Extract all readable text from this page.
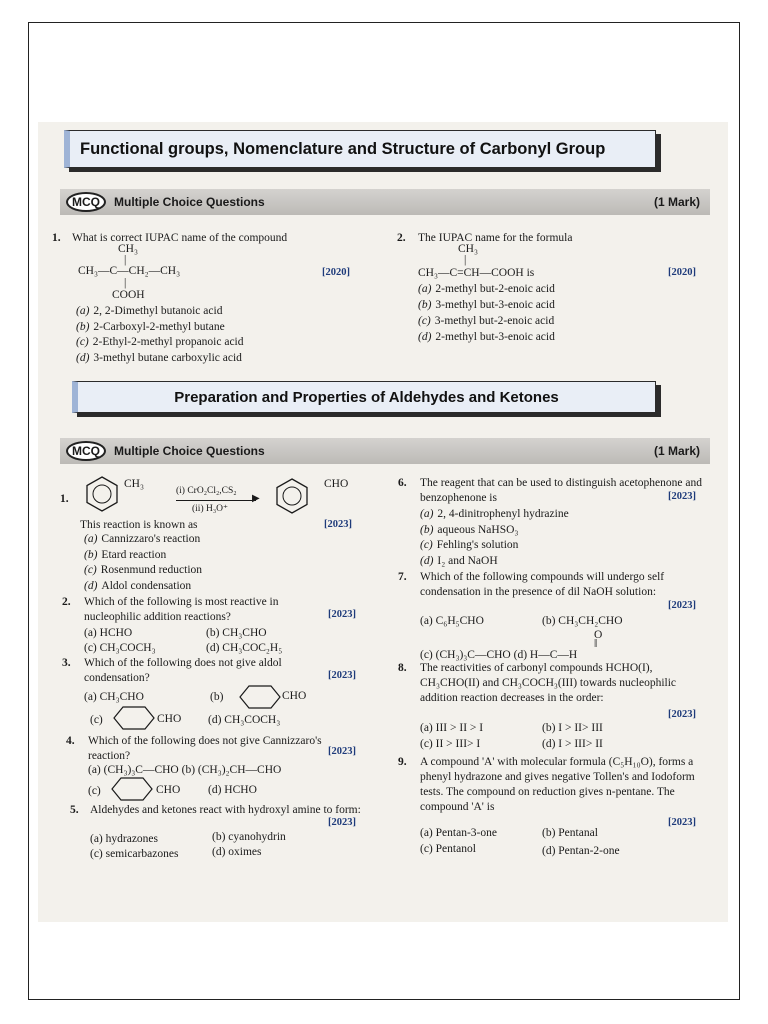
Functional groups, Nomenclature and Structure of Carbonyl Group
MCQ	Multiple Choice Questions	(1 Mark)
1. What is correct IUPAC name of the compound
CH₃
|
CH₃—C—CH₂—CH₃
|
COOH
[2020]
(a) 2, 2-Dimethyl butanoic acid
(b) 2-Carboxyl-2-methyl butane
(c) 2-Ethyl-2-methyl propanoic acid
(d) 3-methyl butane carboxylic acid
2. The IUPAC name for the formula
CH₃
|
CH₃—C=CH—COOH is	[2020]
(a) 2-methyl but-2-enoic acid
(b) 3-methyl but-3-enoic acid
(c) 3-methyl but-2-enoic acid
(d) 2-methyl but-3-enoic acid
Preparation and Properties of Aldehydes and Ketones
MCQ	Multiple Choice Questions	(1 Mark)
1.
CH₃
(i) CrO₂Cl₂,CS₂
▶
(ii) H₃O⁺
CHO
This reaction is known as	[2023]
(a) Cannizzaro's reaction
(b) Etard reaction
(c) Rosenmund reduction
(d) Aldol condensation
2. Which of the following is most reactive in nucleophilic addition reactions?	[2023]
(a) HCHO	(b) CH₃CHO
(c) CH₃COCH₃	(d) CH₃COC₂H₅
3. Which of the following does not give aldol condensation?	[2023]
(a) CH₃CHO	(b)	CHO
(c)	CHO (d) CH₃COCH₃
4. Which of the following does not give Cannizzaro's reaction?	[2023]
(a) (CH₃)₃C—CHO (b) (CH₃)₂CH—CHO
(c)	CHO (d) HCHO
5. Aldehydes and ketones react with hydroxyl amine to form:
[2023]
(a) hydrazones	(b) cyanohydrin
(c) semicarbazones	(d) oximes
6. The reagent that can be used to distinguish acetophenone and benzophenone is	[2023]
(a) 2, 4-dinitrophenyl hydrazine
(b) aqueous NaHSO₃
(c) Fehling's solution
(d) I₂ and NaOH
7. Which of the following compounds will undergo self condensation in the presence of dil NaOH solution:
[2023]
(a) C₆H₅CHO	(b) CH₃CH₂CHO
O
‖
(c) (CH₃)₃C—CHO (d) H—C—H
8. The reactivities of carbonyl compounds HCHO(I), CH₃CHO(II) and CH₃COCH₃(III) towards nucleophilic addition reaction decreases in the order:
[2023]
(a) III > II > I	(b) I > II> III
(c) II > III> I	(d) I > III> II
9. A compound 'A' with molecular formula (C₅H₁₀O), forms a phenyl hydrazone and gives negative Tollen's and Iodoform tests. The compound on reduction gives n-pentane. The compound 'A' is
[2023]
(a) Pentan-3-one	(b) Pentanal
(c) Pentanol	(d) Pentan-2-one
